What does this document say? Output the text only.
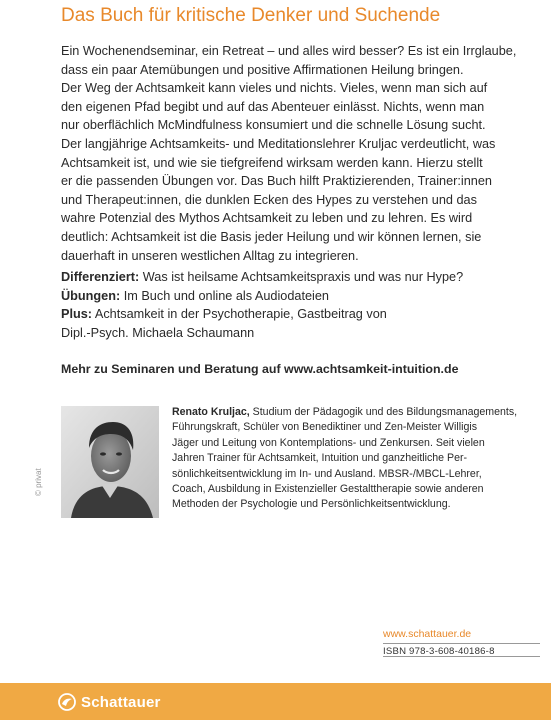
Das Buch für kritische Denker und Suchende

Ein Wochenendseminar, ein Retreat – und alles wird besser? Es ist ein Irrglaube,

dass ein paar Atemübungen und positive Affirmationen Heilung bringen.

Der Weg der Achtsamkeit kann vieles und nichts. Vieles, wenn man sich auf

den eigenen Pfad begibt und auf das Abenteuer einlässt. Nichts, wenn man

nur oberflächlich McMindfulness konsumiert und die schnelle Lösung sucht.

Der langjährige Achtsamkeits- und Meditationslehrer Kruljac verdeutlicht, was

Achtsamkeit ist, und wie sie tiefgreifend wirksam werden kann. Hierzu stellt

er die passenden Übungen vor. Das Buch hilft Praktizierenden, Trainer:innen

und Therapeut:innen, die dunklen Ecken des Hypes zu verstehen und das

wahre Potenzial des Mythos Achtsamkeit zu leben und zu lehren. Es wird

deutlich: Achtsamkeit ist die Basis jeder Heilung und wir können lernen, sie

dauerhaft in unseren westlichen Alltag zu integrieren.

Differenziert: Was ist heilsame Achtsamkeitspraxis und was nur Hype?
Übungen: Im Buch und online als Audiodateien
Plus: Achtsamkeit in der Psychotherapie, Gastbeitrag von
Dipl.-Psych. Michaela Schaumann
Mehr zu Seminaren und Beratung auf www.achtsamkeit-intuition.de
© privat

Renato Kruljac, Studium der Pädagogik und des Bildungsmanagements,

Führungskraft, Schüler von Benediktiner und Zen-Meister Willigis

Jäger und Leitung von Kontemplations- und Zenkursen. Seit vielen

Jahren Trainer für Achtsamkeit, Intuition und ganzheitliche Per-

sönlichkeitsentwicklung im In- und Ausland. MBSR-/MBCL-Lehrer,

Coach, Ausbildung in Existenzieller Gestalttherapie sowie anderen

Methoden der Psychologie und Persönlichkeitsentwicklung.

www.schattauer.de
ISBN 978-3-608-40186-8
Schattauer
